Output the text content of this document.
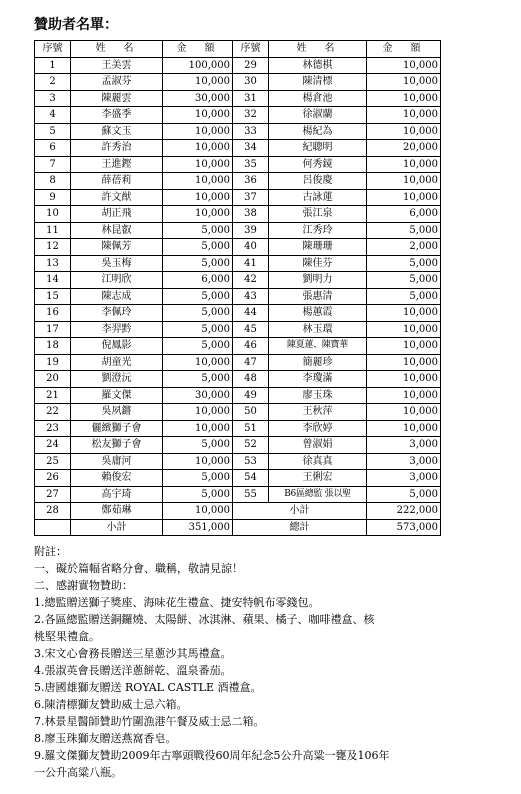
贊助者名單：
序號	姓　名	金　額	序號	姓　名	金　額
1	王美雲	100,000	29	林德棋	10,000
2	孟淑芬	10,000	30	陳清標	10,000
3	陳麗雲	30,000	31	楊倉池	10,000
4	李盛季	10,000	32	徐淑蘭	10,000
5	蘇文玉	10,000	33	楊紀為	10,000
6	許秀治	10,000	34	紀聰明	20,000
7	王進鏗	10,000	35	何秀鏡	10,000
8	薛蓓莉	10,000	36	呂俊慶	10,000
9	許文猷	10,000	37	古詠蓮	10,000
10	胡正飛	10,000	38	張江泉	6,000
11	林昆叡	5,000	39	江秀玲	5,000
12	陳佩芳	5,000	40	陳珊珊	2,000
13	吳玉梅	5,000	41	陳佳芬	5,000
14	江明欣	6,000	42	劉明力	5,000
15	陳志成	5,000	43	張惠清	5,000
16	李佩玲	5,000	44	楊蕙霞	10,000
17	李羿黔	5,000	45	林玉環	10,000
18	倪鳳影	5,000	46	陳夏蓮、陳寶華	10,000
19	胡童光	10,000	47	簡麗珍	10,000
20	劉澄沅	5,000	48	李瓊滿	10,000
21	羅文傑	30,000	49	廖玉珠	10,000
22	吳夙鏘	10,000	50	王秋萍	10,000
23	儷緻獅子會	10,000	51	李欣婷	10,000
24	松友獅子會	5,000	52	曾淑娟	3,000
25	吳庸河	10,000	53	徐真真	3,000
26	賴俊宏	5,000	54	王俐宏	3,000
27	高宇琦	5,000	55	B6區總監 張以聖	5,000
28	鄭茹琳	10,000	小計		222,000
	小計	351,000	總計		573,000
附註：
一、礙於篇幅省略分會、職稱，敬請見諒！
二、感謝實物贊助：
1.總監贈送獅子獎座、海味花生禮盒、捷安特帆布零錢包。
2.各區總監贈送銅鑼燒、太陽餅、冰淇淋、蘋果、橘子、咖啡禮盒、核
桃堅果禮盒。
3.宋文心會務長贈送三星蔥沙其馬禮盒。
4.張淑英會長贈送洋蔥餅乾、溫泉番茄。
5.唐國雄獅友贈送 ROYAL CASTLE 酒禮盒。
6.陳清標獅友贊助威士忌六箱。
7.林景星醫師贊助竹圍漁港午餐及威士忌二箱。
8.廖玉珠獅友贈送燕窩香皂。
9.羅文傑獅友贊助2009年古寧頭戰役60周年紀念5公升高粱一甕及106年
一公升高粱八瓶。
